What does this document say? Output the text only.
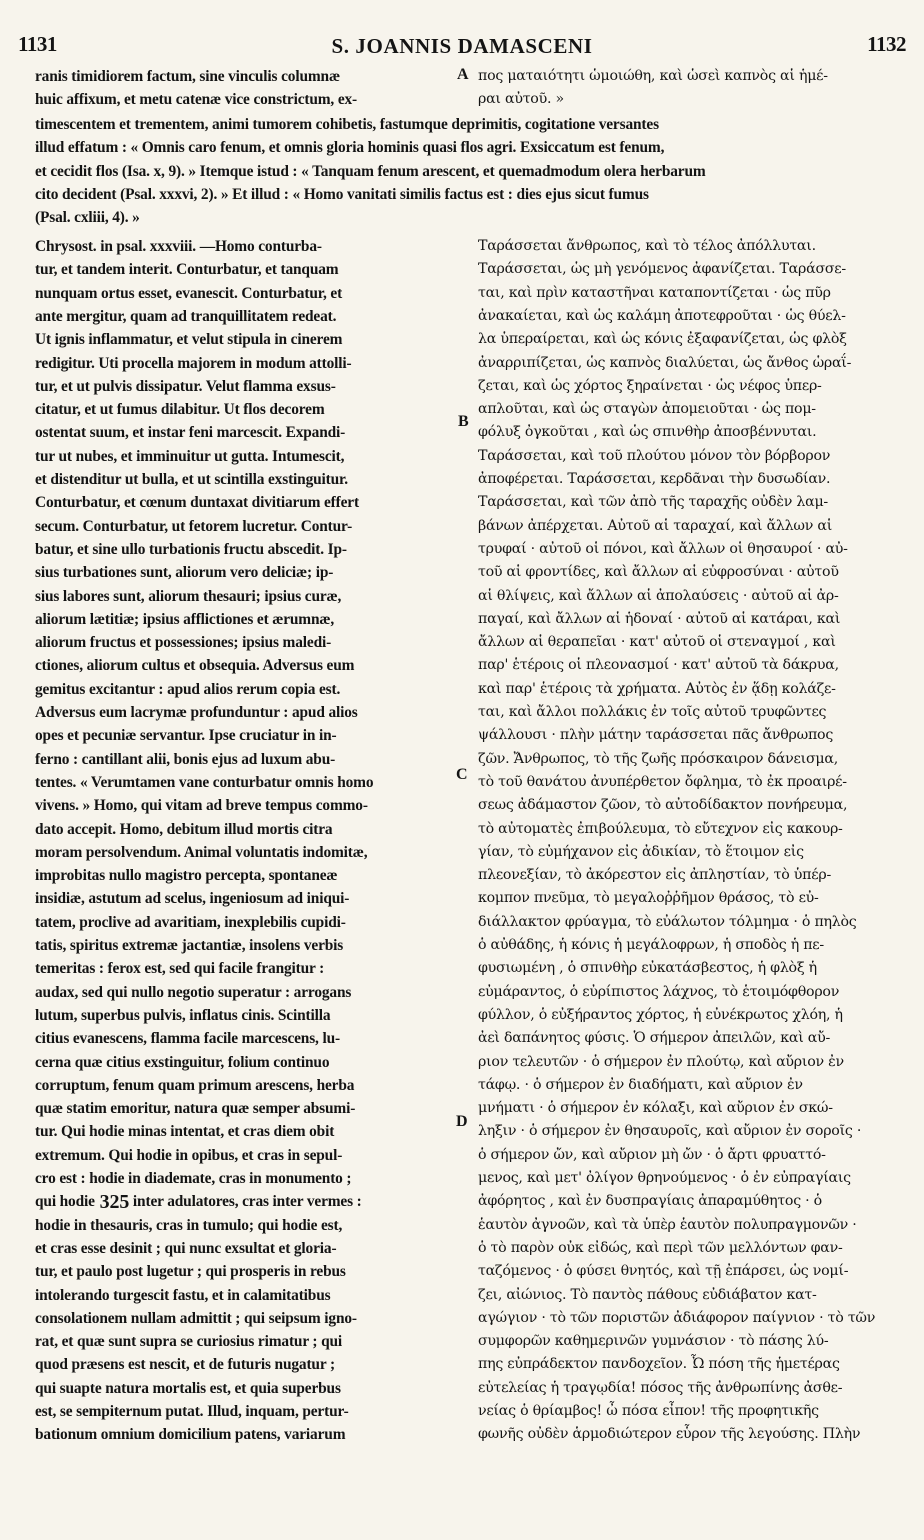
1131	S. JOANNIS DAMASCENI	1132
ranis timidiorem factum, sine vinculis columnæ
huic affixum, et metu catenæ vice constrictum, ex-
πος ματαιότητι ὡμοιώθη, καὶ ὡσεὶ καπνὸς αἱ ἡμέ-
ραι αὐτοῦ. »
timescentem et trementem, animi tumorem cohibetis, fastumque deprimitis, cogitatione versantes
illud effatum : « Omnis caro fenum, et omnis gloria hominis quasi flos agri. Exsiccatum est fenum,
et cecidit flos (Isa. x, 9). » Itemque istud : « Tanquam fenum arescent, et quemadmodum olera herbarum
cito decident (Psal. xxxvi, 2). » Et illud : « Homo vanitati similis factus est : dies ejus sicut fumus
(Psal. cxliii, 4). »
Chrysost. in psal. xxxviii. —Homo conturba-
tur, et tandem interit. Conturbatur, et tanquam
nunquam ortus esset, evanescit. Conturbatur, et
ante mergitur, quam ad tranquillitatem redeat.
Ut ignis inflammatur, et velut stipula in cinerem
redigitur. Uti procella majorem in modum attolli-
tur, et ut pulvis dissipatur. Velut flamma exsus-
citatur, et ut fumus dilabitur. Ut flos decorem
ostentat suum, et instar feni marcescit. Expandi-
tur ut nubes, et imminuitur ut gutta. Intumescit,
et distenditur ut bulla, et ut scintilla exstinguitur.
Conturbatur, et cœnum duntaxat divitiarum effert
secum. Conturbatur, ut fetorem lucretur. Contur-
batur, et sine ullo turbationis fructu abscedit. Ip-
sius turbationes sunt, aliorum vero deliciæ; ip-
sius labores sunt, aliorum thesauri; ipsius curæ,
aliorum lætitiæ; ipsius afflictiones et ærumnæ,
aliorum fructus et possessiones; ipsius maledi-
ctiones, aliorum cultus et obsequia. Adversus eum
gemitus excitantur : apud alios rerum copia est.
Adversus eum lacrymæ profunduntur : apud alios
opes et pecuniæ servantur. Ipse cruciatur in in-
ferno : cantillant alii, bonis ejus ad luxum abu-
tentes. « Verumtamen vane conturbatur omnis homo
vivens. » Homo, qui vitam ad breve tempus commo-
dato accepit. Homo, debitum illud mortis citra
moram persolvendum. Animal voluntatis indomitæ,
improbitas nullo magistro percepta, spontaneæ
insidiæ, astutum ad scelus, ingeniosum ad iniqui-
tatem, proclive ad avaritiam, inexplebilis cupidi-
tatis, spiritus extremæ jactantiæ, insolens verbis
temeritas : ferox est, sed qui facile frangitur :
audax, sed qui nullo negotio superatur : arrogans
lutum, superbus pulvis, inflatus cinis. Scintilla
citius evanescens, flamma facile marcescens, lu-
cerna quæ citius exstinguitur, folium continuo
corruptum, fenum quam primum arescens, herba
quæ statim emoritur, natura quæ semper absumi-
tur. Qui hodie minas intentat, et cras diem obit
extremum. Qui hodie in opibus, et cras in sepul-
cro est : hodie in diademate, cras in monumento ;
qui hodie 325 inter adulatores, cras inter vermes :
hodie in thesauris, cras in tumulo; qui hodie est,
et cras esse desinit ; qui nunc exsultat et gloria-
tur, et paulo post lugetur ; qui prosperis in rebus
intolerando turgescit fastu, et in calamitatibus
consolationem nullam admittit ; qui seipsum igno-
rat, et quæ sunt supra se curiosius rimatur ; qui
quod præsens est nescit, et de futuris nugatur ;
qui suapte natura mortalis est, et quia superbus
est, se sempiternum putat. Illud, inquam, pertur-
bationum omnium domicilium patens, variarum
Ταράσσεται ἄνθρωπος, καὶ τὸ τέλος ἀπόλλυται.
Ταράσσεται, ὡς μὴ γενόμενος ἀφανίζεται. Ταράσσε-
ται, καὶ πρὶν καταστῆναι καταποντίζεται · ὡς πῦρ
ἀνακαίεται, καὶ ὡς καλάμη ἀποτεφροῦται · ὡς θύελ-
λα ὑπεραίρεται, καὶ ὡς κόνις ἐξαφανίζεται, ὡς φλὸξ
ἀναρριπίζεται, ὡς καπνὸς διαλύεται, ὡς ἄνθος ὡραΐ-
ζεται, καὶ ὡς χόρτος ξηραίνεται · ὡς νέφος ὑπερ-
απλοῦται, καὶ ὡς σταγὼν ἀπομειοῦται · ὡς πομ-
φόλυξ ὀγκοῦται , καὶ ὡς σπινθὴρ ἀποσβέννυται.
Ταράσσεται, καὶ τοῦ πλούτου μόνον τὸν βόρβορον
ἀποφέρεται. Ταράσσεται, κερδᾶναι τὴν δυσωδίαν.
Ταράσσεται, καὶ τῶν ἀπὸ τῆς ταραχῆς οὐδὲν λαμ-
βάνων ἀπέρχεται. Αὐτοῦ αἱ ταραχαί, καὶ ἄλλων αἱ
τρυφαί · αὐτοῦ οἱ πόνοι, καὶ ἄλλων οἱ θησαυροί · αὐ-
τοῦ αἱ φροντίδες, καὶ ἄλλων αἱ εὐφροσύναι · αὐτοῦ
αἱ θλίψεις, καὶ ἄλλων αἱ ἀπολαύσεις · αὐτοῦ αἱ ἀρ-
παγαί, καὶ ἄλλων αἱ ἡδοναί · αὐτοῦ αἱ κατάραι, καὶ
ἄλλων αἱ θεραπεῖαι · κατ' αὐτοῦ οἱ στεναγμοί , καὶ
παρ' ἑτέροις οἱ πλεονασμοί · κατ' αὐτοῦ τὰ δάκρυα,
καὶ παρ' ἑτέροις τὰ χρήματα. Αὐτὸς ἐν ᾅδῃ κολάζε-
ται, καὶ ἄλλοι πολλάκις ἐν τοῖς αὐτοῦ τρυφῶντες
ψάλλουσι · πλὴν μάτην ταράσσεται πᾶς ἄνθρωπος
ζῶν. Ἄνθρωπος, τὸ τῆς ζωῆς πρόσκαιρον δάνεισμα,
τὸ τοῦ θανάτου ἀνυπέρθετον ὄφλημα, τὸ ἐκ προαιρέ-
σεως ἀδάμαστον ζῶον, τὸ αὐτοδίδακτον πονήρευμα,
τὸ αὐτοματὲς ἐπιβούλευμα, τὸ εὔτεχνον εἰς κακουρ-
γίαν, τὸ εὐμήχανον εἰς ἀδικίαν, τὸ ἕτοιμον εἰς
πλεονεξίαν, τὸ ἀκόρεστον εἰς ἀπληστίαν, τὸ ὑπέρ-
κομπον πνεῦμα, τὸ μεγαλοῤῥῆμον θράσος, τὸ εὐ-
διάλλακτον φρύαγμα, τὸ εὐάλωτον τόλμημα · ὁ πηλὸς
ὁ αὐθάδης, ἡ κόνις ἡ μεγάλοφρων, ἡ σποδὸς ἡ πε-
φυσιωμένη , ὁ σπινθὴρ εὐκατάσβεστος, ἡ φλὸξ ἡ
εὐμάραντος, ὁ εὐρίπιστος λάχνος, τὸ ἑτοιμόφθορον
φύλλον, ὁ εὐξήραντος χόρτος, ἡ εὐνέκρωτος χλόη, ἡ
ἀεὶ δαπάνητος φύσις. Ὁ σήμερον ἀπειλῶν, καὶ αὔ-
ριον τελευτῶν · ὁ σήμερον ἐν πλούτῳ, καὶ αὔριον ἐν
τάφῳ. · ὁ σήμερον ἐν διαδήματι, καὶ αὔριον ἐν
μνήματι · ὁ σήμερον ἐν κόλαξι, καὶ αὔριον ἐν σκώ-
ληξιν · ὁ σήμερον ἐν θησαυροῖς, καὶ αὔριον ἐν σοροῖς ·
ὁ σήμερον ὤν, καὶ αὔριον μὴ ὤν · ὁ ἄρτι φρυαττό-
μενος, καὶ μετ' ὀλίγον θρηνούμενος · ὁ ἐν εὐπραγίαις
ἀφόρητος , καὶ ἐν δυσπραγίαις ἀπαραμύθητος · ὁ
ἑαυτὸν ἀγνοῶν, καὶ τὰ ὑπὲρ ἑαυτὸν πολυπραγμονῶν ·
ὁ τὸ παρὸν οὐκ εἰδώς, καὶ περὶ τῶν μελλόντων φαν-
ταζόμενος · ὁ φύσει θνητός, καὶ τῇ ἐπάρσει, ὡς νομί-
ζει, αἰώνιος. Τὸ παντὸς πάθους εὐδιάβατον κατ-
αγώγιον · τὸ τῶν ποριστῶν ἀδιάφορον παίγνιον · τὸ τῶν
συμφορῶν καθημερινῶν γυμνάσιον · τὸ πάσης λύ-
πης εὐπράδεκτον πανδοχεῖον. Ὦ πόση τῆς ἡμετέρας
εὐτελείας ἡ τραγῳδία! πόσος τῆς ἀνθρωπίνης ἀσθε-
νείας ὁ θρίαμβος! ὦ πόσα εἶπον! τῆς προφητικῆς
φωνῆς οὐδὲν ἁρμοδιώτερον εὗρον τῆς λεγούσης. Πλὴν
A
B
C
D
